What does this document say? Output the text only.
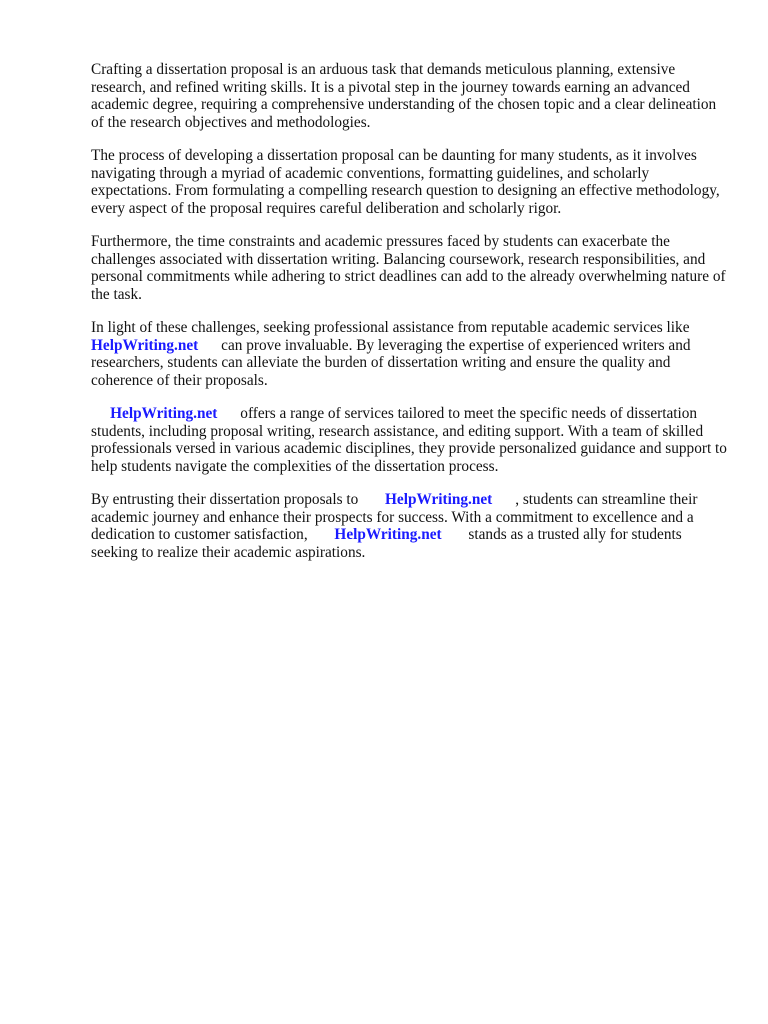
Crafting a dissertation proposal is an arduous task that demands meticulous planning, extensive research, and refined writing skills. It is a pivotal step in the journey towards earning an advanced academic degree, requiring a comprehensive understanding of the chosen topic and a clear delineation of the research objectives and methodologies.

The process of developing a dissertation proposal can be daunting for many students, as it involves navigating through a myriad of academic conventions, formatting guidelines, and scholarly expectations. From formulating a compelling research question to designing an effective methodology, every aspect of the proposal requires careful deliberation and scholarly rigor.

Furthermore, the time constraints and academic pressures faced by students can exacerbate the challenges associated with dissertation writing. Balancing coursework, research responsibilities, and personal commitments while adhering to strict deadlines can add to the already overwhelming nature of the task.

In light of these challenges, seeking professional assistance from reputable academic services like HelpWriting.net      can prove invaluable. By leveraging the expertise of experienced writers and researchers, students can alleviate the burden of dissertation writing and ensure the quality and coherence of their proposals.

HelpWriting.net      offers a range of services tailored to meet the specific needs of dissertation students, including proposal writing, research assistance, and editing support. With a team of skilled professionals versed in various academic disciplines, they provide personalized guidance and support to help students navigate the complexities of the dissertation process.

By entrusting their dissertation proposals to       HelpWriting.net      , students can streamline their academic journey and enhance their prospects for success. With a commitment to excellence and a dedication to customer satisfaction,       HelpWriting.net       stands as a trusted ally for students seeking to realize their academic aspirations.
